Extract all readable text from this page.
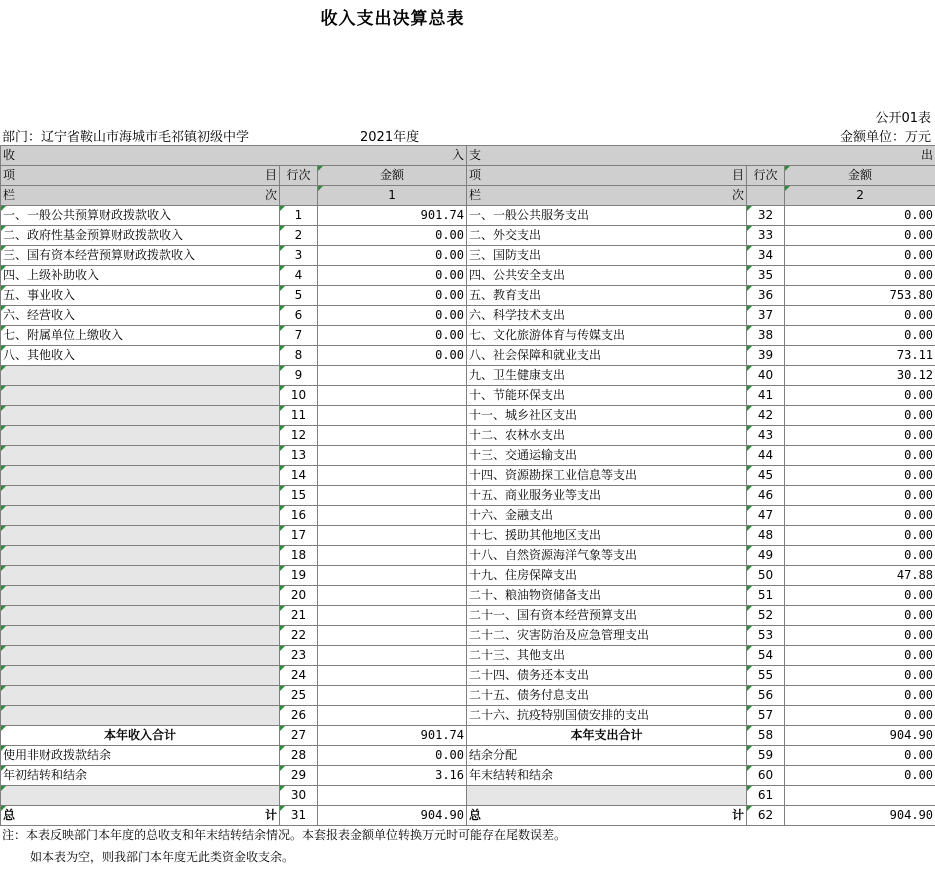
收入支出决算总表
公开01表
部门：辽宁省鞍山市海城市毛祁镇初级中学	2021年度	金额单位：万元
收 入			支 出		

项 目	行次	金额	项 目	行次	金额

栏 次		1	栏 次		2
一、一般公共预算财政拨款收入	1	901.74	一、一般公共服务支出	32	0.00
二、政府性基金预算财政拨款收入	2	0.00	二、外交支出	33	0.00
三、国有资本经营预算财政拨款收入	3	0.00	三、国防支出	34	0.00
四、上级补助收入	4	0.00	四、公共安全支出	35	0.00
五、事业收入	5	0.00	五、教育支出	36	753.80
六、经营收入	6	0.00	六、科学技术支出	37	0.00
七、附属单位上缴收入	7	0.00	七、文化旅游体育与传媒支出	38	0.00
八、其他收入	8	0.00	八、社会保障和就业支出	39	73.11
	9		九、卫生健康支出	40	30.12
	10		十、节能环保支出	41	0.00
	11		十一、城乡社区支出	42	0.00
	12		十二、农林水支出	43	0.00
	13		十三、交通运输支出	44	0.00
	14		十四、资源勘探工业信息等支出	45	0.00
	15		十五、商业服务业等支出	46	0.00
	16		十六、金融支出	47	0.00
	17		十七、援助其他地区支出	48	0.00
	18		十八、自然资源海洋气象等支出	49	0.00
	19		十九、住房保障支出	50	47.88
	20		二十、粮油物资储备支出	51	0.00
	21		二十一、国有资本经营预算支出	52	0.00
	22		二十二、灾害防治及应急管理支出	53	0.00
	23		二十三、其他支出	54	0.00
	24		二十四、债务还本支出	55	0.00
	25		二十五、债务付息支出	56	0.00
	26		二十六、抗疫特别国债安排的支出	57	0.00
本年收入合计	27	901.74	本年支出合计	58	904.90
使用非财政拨款结余	28	0.00	结余分配	59	0.00
年初结转和结余	29	3.16	年末结转和结余	60	0.00
	30			61	

总 计	31	904.90	总 计	62	904.90
注：本表反映部门本年度的总收支和年末结转结余情况。本套报表金额单位转换万元时可能存在尾数误差。
如本表为空，则我部门本年度无此类资金收支余。
